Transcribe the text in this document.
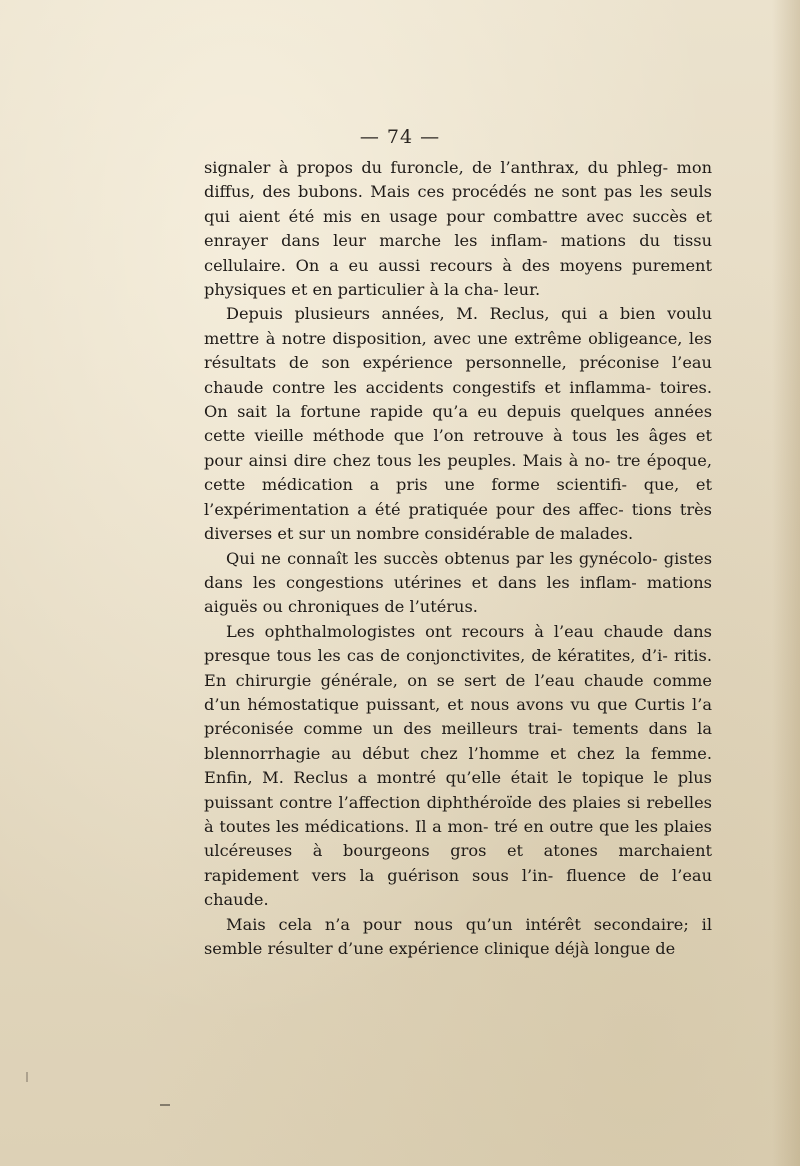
— 74 —

signaler à propos du furoncle, de l’anthrax, du phleg- mon diffus, des bubons. Mais ces procédés ne sont pas les seuls qui aient été mis en usage pour combattre avec succès et enrayer dans leur marche les inflam- mations du tissu cellulaire. On a eu aussi recours à des moyens purement physiques et en particulier à la cha- leur.

Depuis plusieurs années, M. Reclus, qui a bien voulu mettre à notre disposition, avec une extrême obligeance, les résultats de son expérience personnelle, préconise l’eau chaude contre les accidents congestifs et inflamma- toires. On sait la fortune rapide qu’a eu depuis quelques années cette vieille méthode que l’on retrouve à tous les âges et pour ainsi dire chez tous les peuples. Mais à no- tre époque, cette médication a pris une forme scientifi- que, et l’expérimentation a été pratiquée pour des affec- tions très diverses et sur un nombre considérable de malades.

Qui ne connaît les succès obtenus par les gynécolo- gistes dans les congestions utérines et dans les inflam- mations aiguës ou chroniques de l’utérus.

Les ophthalmologistes ont recours à l’eau chaude dans presque tous les cas de conjonctivites, de kératites, d’i- ritis. En chirurgie générale, on se sert de l’eau chaude comme d’un hémostatique puissant, et nous avons vu que Curtis l’a préconisée comme un des meilleurs trai- tements dans la blennorrhagie au début chez l’homme et chez la femme. Enfin, M. Reclus a montré qu’elle était le topique le plus puissant contre l’affection diphthéroïde des plaies si rebelles à toutes les médications. Il a mon- tré en outre que les plaies ulcéreuses à bourgeons gros et atones marchaient rapidement vers la guérison sous l’in- fluence de l’eau chaude.

Mais cela n’a pour nous qu’un intérêt secondaire; il semble résulter d’une expérience clinique déjà longue de
